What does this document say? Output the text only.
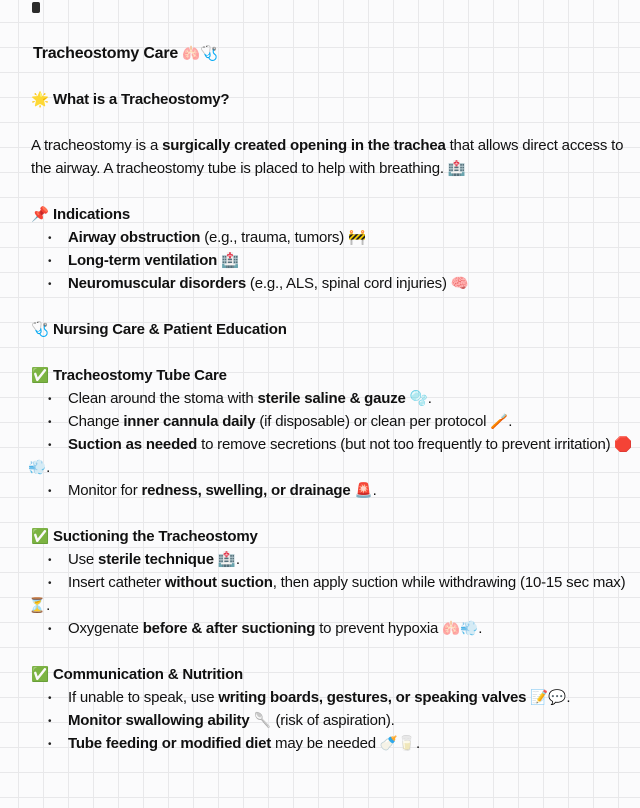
Tracheostomy Care 🫁🩺
🌟 What is a Tracheostomy?
A tracheostomy is a surgically created opening in the trachea that allows direct access to
the airway. A tracheostomy tube is placed to help with breathing. 🏥
📌 Indications
• Airway obstruction (e.g., trauma, tumors) 🚧
• Long-term ventilation 🏥
• Neuromuscular disorders (e.g., ALS, spinal cord injuries) 🧠
🩺 Nursing Care & Patient Education
✅ Tracheostomy Tube Care
• Clean around the stoma with sterile saline & gauze 🫧.
• Change inner cannula daily (if disposable) or clean per protocol 🪥.
• Suction as needed to remove secretions (but not too frequently to prevent irritation) 🛑
💨.
• Monitor for redness, swelling, or drainage 🚨.
✅ Suctioning the Tracheostomy
• Use sterile technique 🏥.
• Insert catheter without suction, then apply suction while withdrawing (10-15 sec max)
⏳.
• Oxygenate before & after suctioning to prevent hypoxia 🫁💨.
✅ Communication & Nutrition
• If unable to speak, use writing boards, gestures, or speaking valves 📝💬.
• Monitor swallowing ability 🥄 (risk of aspiration).
• Tube feeding or modified diet may be needed 🍼🥛.
